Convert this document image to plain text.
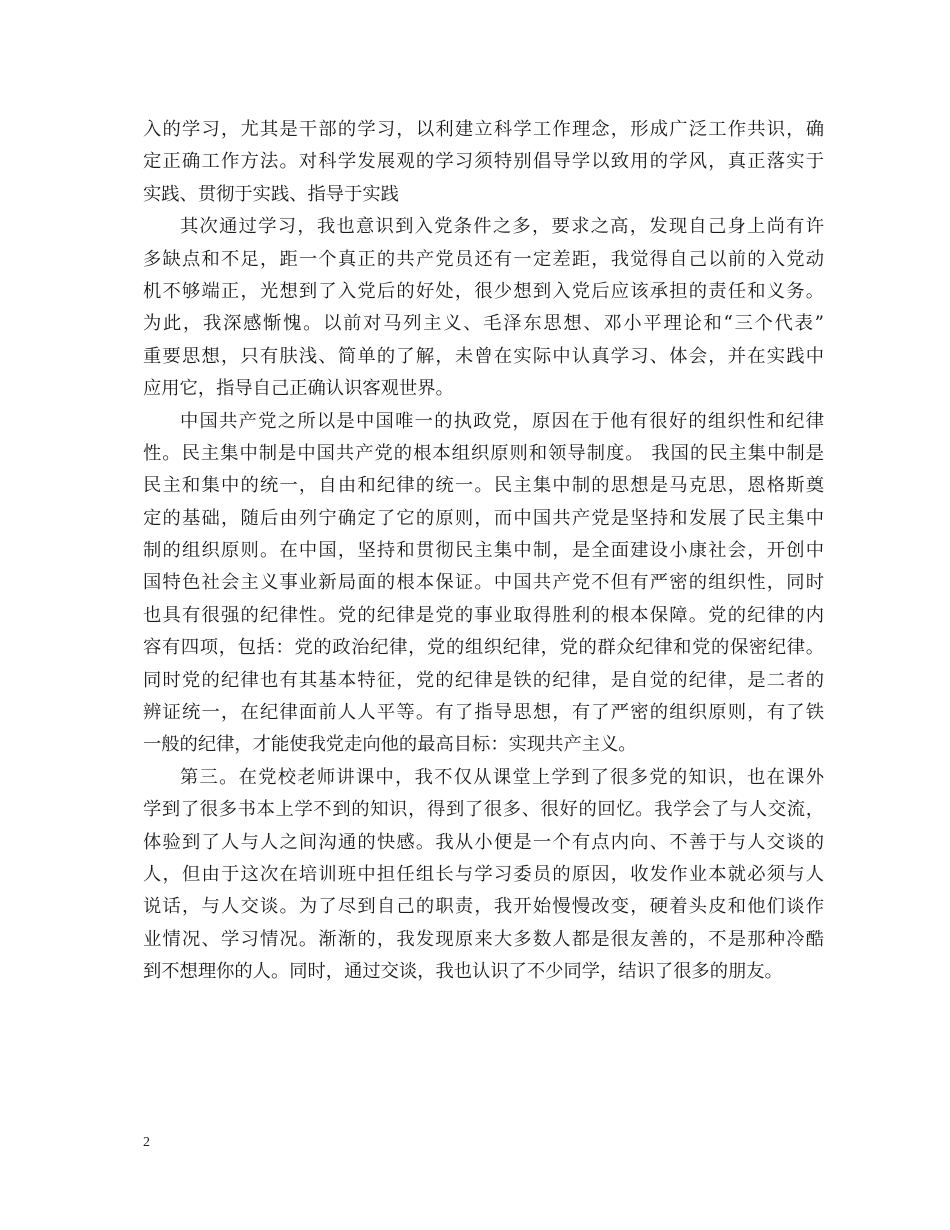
入的学习，尤其是干部的学习，以利建立科学工作理念，形成广泛工作共识，确
定正确工作方法。对科学发展观的学习须特别倡导学以致用的学风，真正落实于
实践、贯彻于实践、指导于实践
其次通过学习，我也意识到入党条件之多，要求之高，发现自己身上尚有许
多缺点和不足，距一个真正的共产党员还有一定差距，我觉得自己以前的入党动
机不够端正，光想到了入党后的好处，很少想到入党后应该承担的责任和义务。
为此，我深感惭愧。以前对马列主义、毛泽东思想、邓小平理论和“三个代表”
重要思想，只有肤浅、简单的了解，未曾在实际中认真学习、体会，并在实践中
应用它，指导自己正确认识客观世界。
中国共产党之所以是中国唯一的执政党，原因在于他有很好的组织性和纪律
性。民主集中制是中国共产党的根本组织原则和领导制度。 我国的民主集中制是
民主和集中的统一，自由和纪律的统一。民主集中制的思想是马克思，恩格斯奠
定的基础，随后由列宁确定了它的原则，而中国共产党是坚持和发展了民主集中
制的组织原则。在中国，坚持和贯彻民主集中制，是全面建设小康社会，开创中
国特色社会主义事业新局面的根本保证。中国共产党不但有严密的组织性，同时
也具有很强的纪律性。党的纪律是党的事业取得胜利的根本保障。党的纪律的内
容有四项，包括：党的政治纪律，党的组织纪律，党的群众纪律和党的保密纪律。
同时党的纪律也有其基本特征，党的纪律是铁的纪律，是自觉的纪律，是二者的
辨证统一，在纪律面前人人平等。有了指导思想，有了严密的组织原则，有了铁
一般的纪律，才能使我党走向他的最高目标：实现共产主义。
第三。在党校老师讲课中，我不仅从课堂上学到了很多党的知识，也在课外
学到了很多书本上学不到的知识，得到了很多、很好的回忆。我学会了与人交流，
体验到了人与人之间沟通的快感。我从小便是一个有点内向、不善于与人交谈的
人，但由于这次在培训班中担任组长与学习委员的原因，收发作业本就必须与人
说话，与人交谈。为了尽到自己的职责，我开始慢慢改变，硬着头皮和他们谈作
业情况、学习情况。渐渐的，我发现原来大多数人都是很友善的，不是那种冷酷
到不想理你的人。同时，通过交谈，我也认识了不少同学，结识了很多的朋友。
2
